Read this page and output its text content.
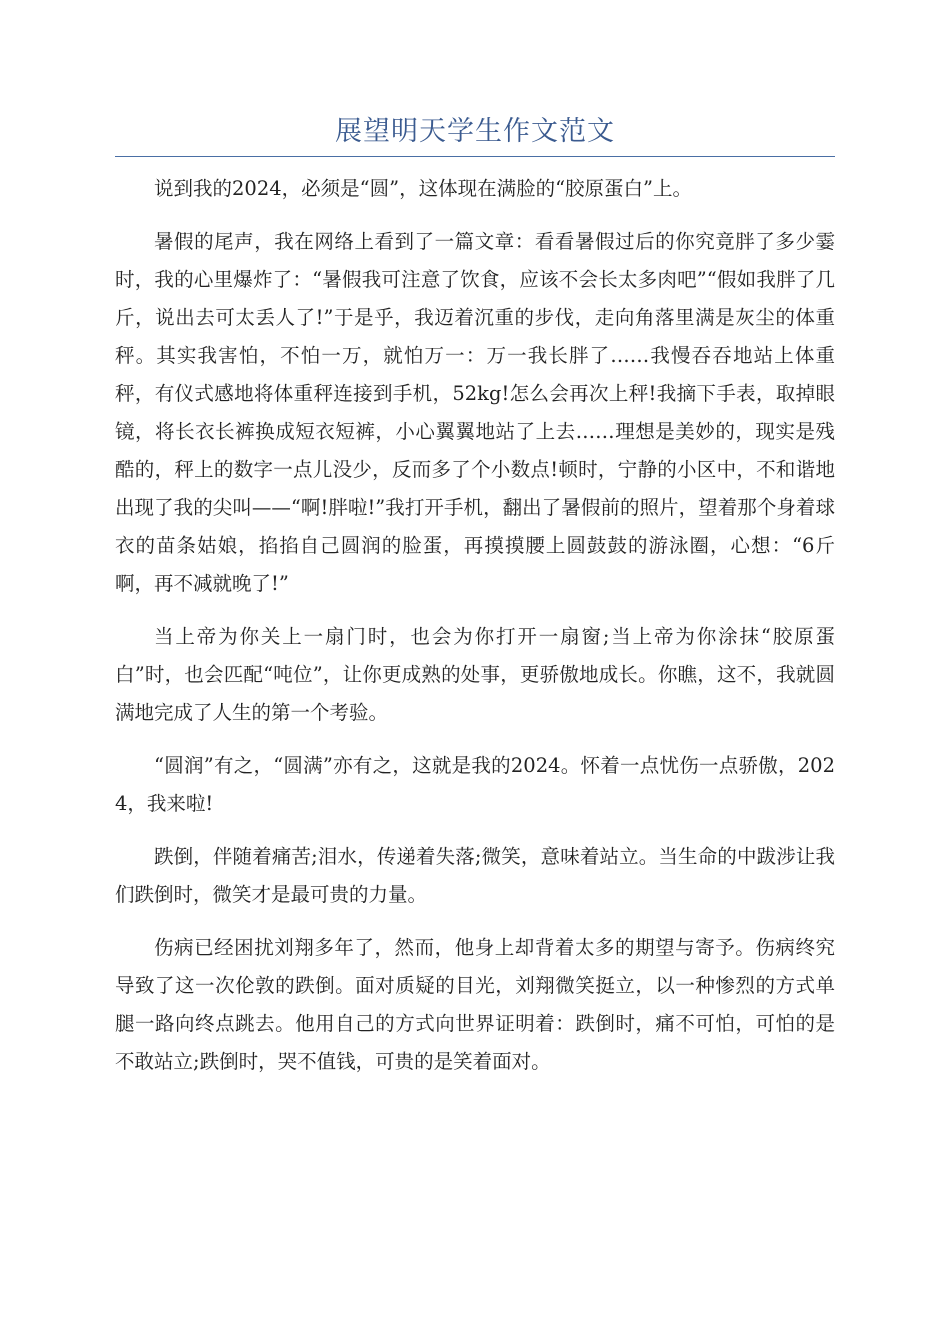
展望明天学生作文范文

说到我的2024，必须是“圆”，这体现在满脸的“胶原蛋白”上。

暑假的尾声，我在网络上看到了一篇文章：看看暑假过后的你究竟胖了多少霎时，我的心里爆炸了：“暑假我可注意了饮食，应该不会长太多肉吧”“假如我胖了几斤，说出去可太丢人了!”于是乎，我迈着沉重的步伐，走向角落里满是灰尘的体重秤。其实我害怕，不怕一万，就怕万一：万一我长胖了……我慢吞吞地站上体重秤，有仪式感地将体重秤连接到手机，52kg!怎么会再次上秤!我摘下手表，取掉眼镜，将长衣长裤换成短衣短裤，小心翼翼地站了上去……理想是美妙的，现实是残酷的，秤上的数字一点儿没少，反而多了个小数点!顿时，宁静的小区中，不和谐地出现了我的尖叫——“啊!胖啦!”我打开手机，翻出了暑假前的照片，望着那个身着球衣的苗条姑娘，掐掐自己圆润的脸蛋，再摸摸腰上圆鼓鼓的游泳圈，心想：“6斤啊，再不减就晚了!”

当上帝为你关上一扇门时，也会为你打开一扇窗;当上帝为你涂抹“胶原蛋白”时，也会匹配“吨位”，让你更成熟的处事，更骄傲地成长。你瞧，这不，我就圆满地完成了人生的第一个考验。

“圆润”有之，“圆满”亦有之，这就是我的2024。怀着一点忧伤一点骄傲，2024，我来啦!

跌倒，伴随着痛苦;泪水，传递着失落;微笑，意味着站立。当生命的中跋涉让我们跌倒时，微笑才是最可贵的力量。

伤病已经困扰刘翔多年了，然而，他身上却背着太多的期望与寄予。伤病终究导致了这一次伦敦的跌倒。面对质疑的目光，刘翔微笑挺立，以一种惨烈的方式单腿一路向终点跳去。他用自己的方式向世界证明着：跌倒时，痛不可怕，可怕的是不敢站立;跌倒时，哭不值钱，可贵的是笑着面对。
